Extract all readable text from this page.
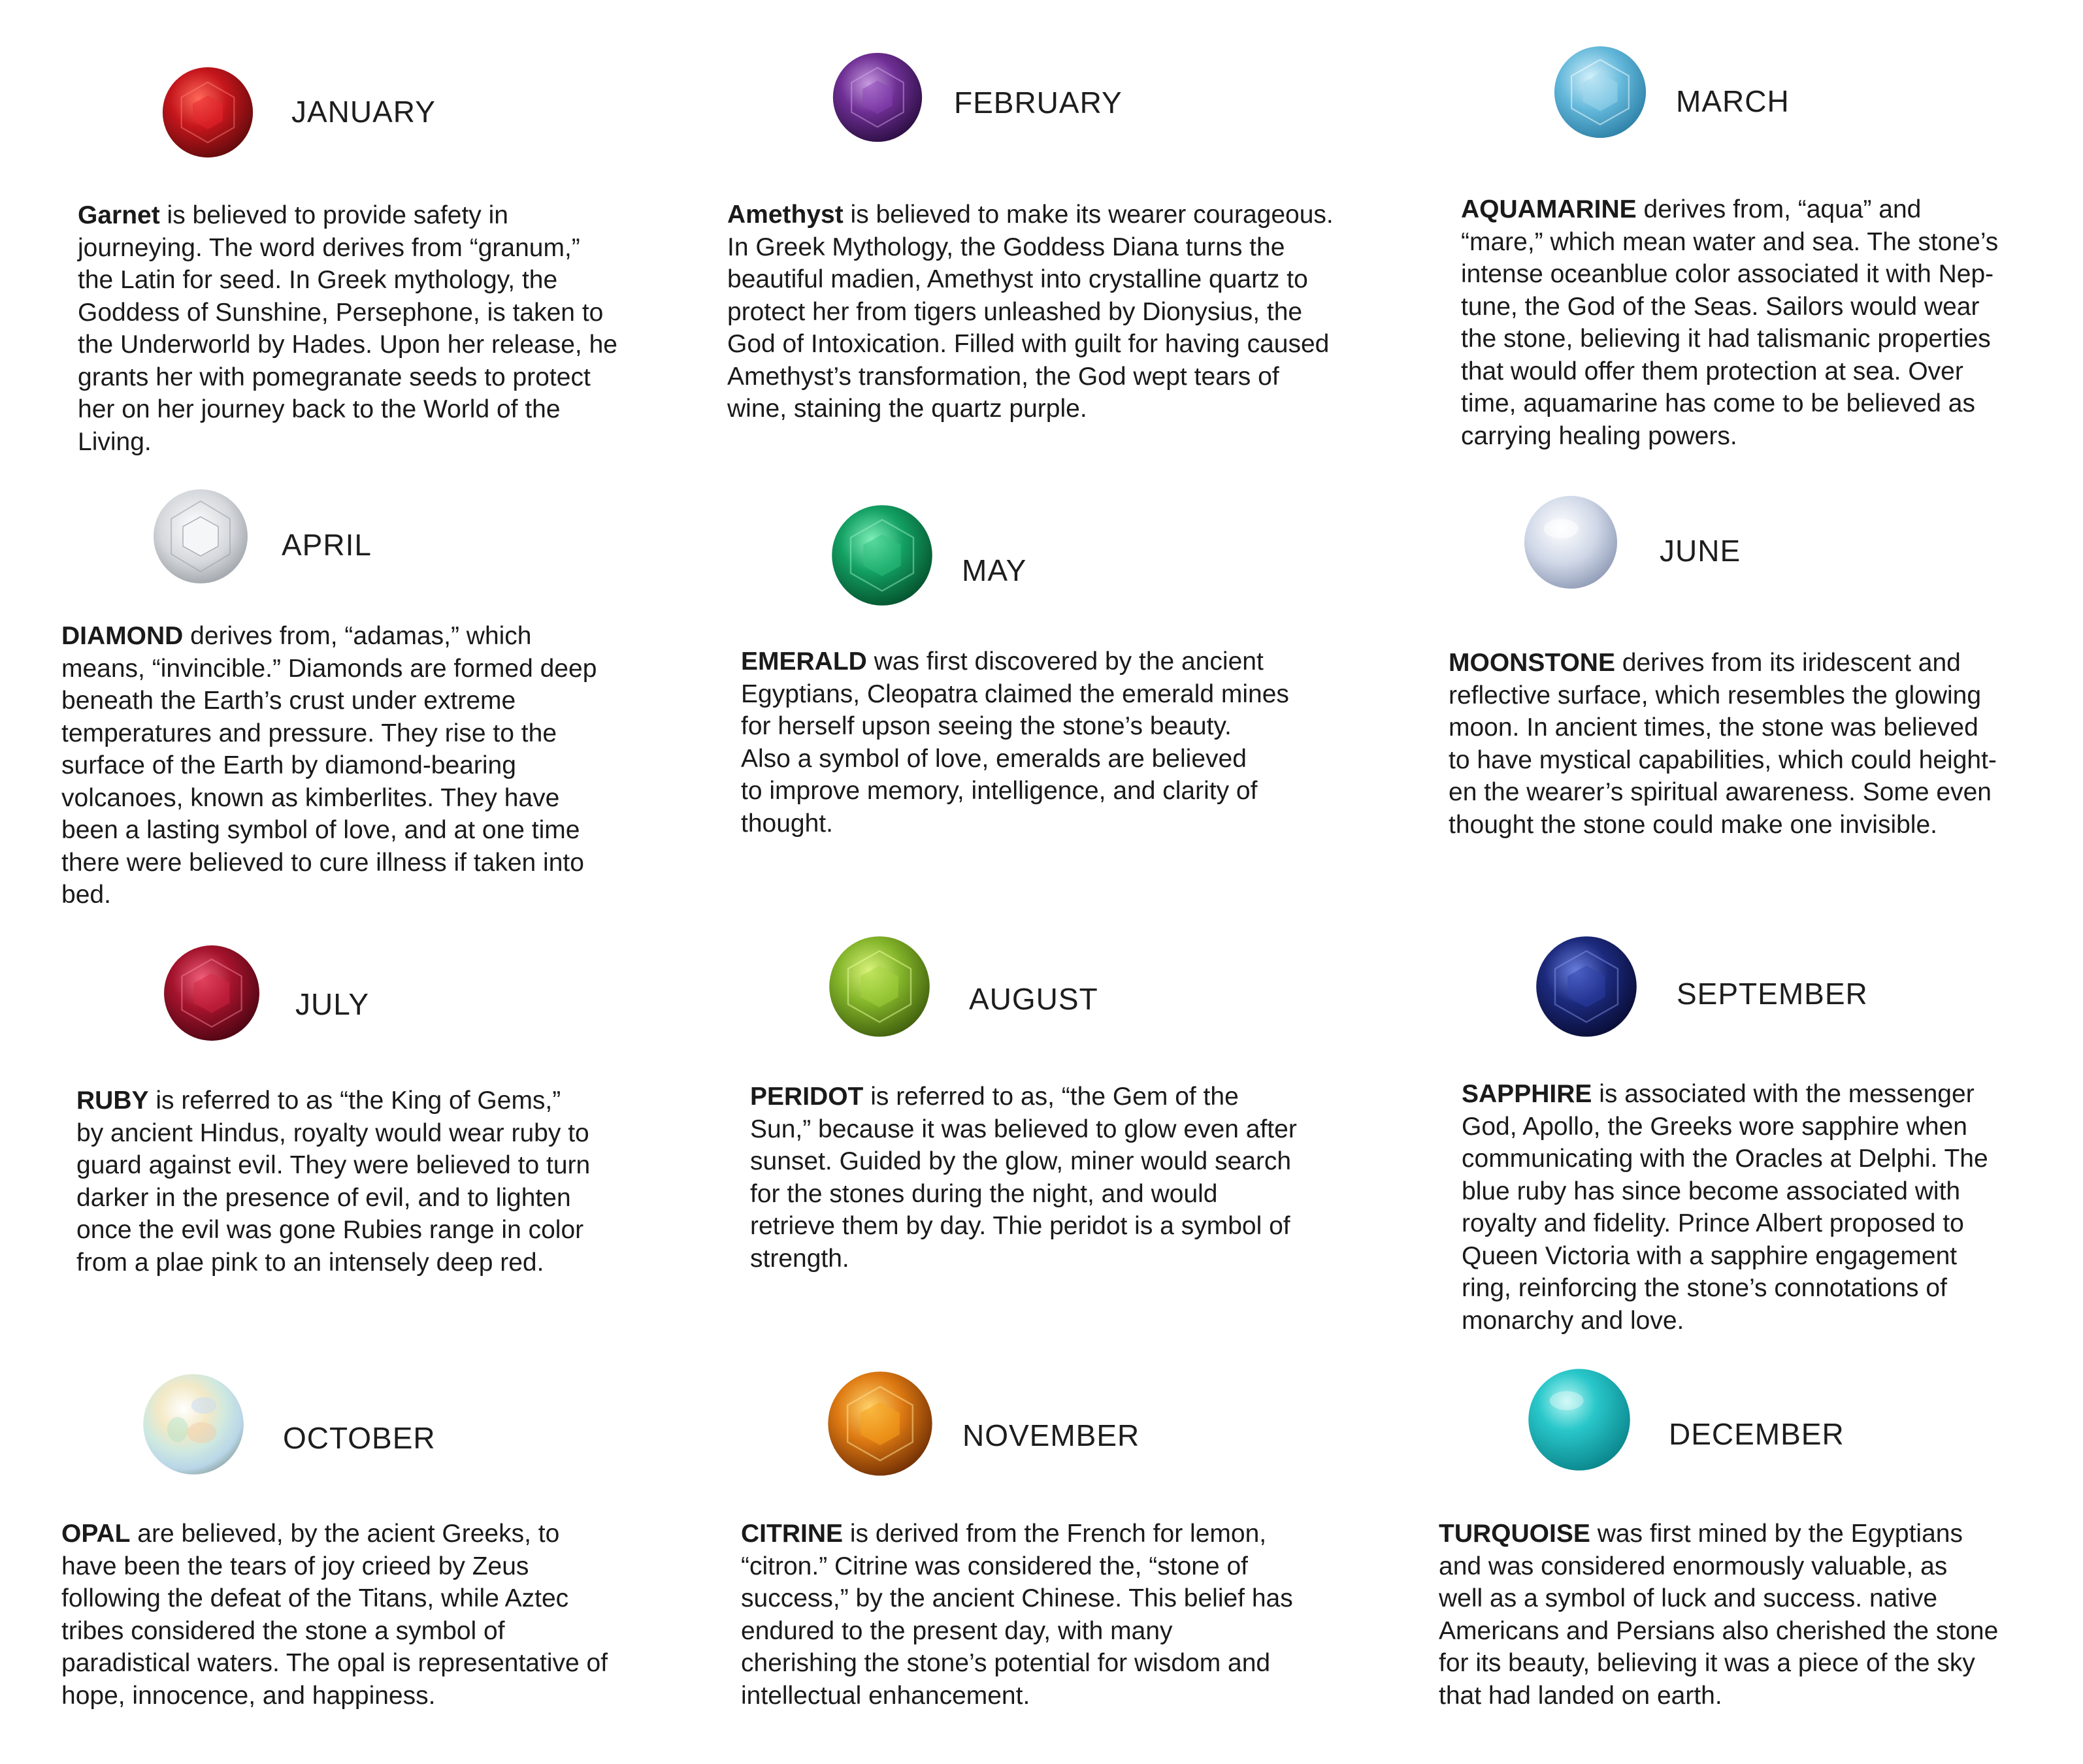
JANUARY
Garnet is believed to provide safety in
journeying. The word derives from “granum,”
the Latin for seed. In Greek mythology, the
Goddess of Sunshine, Persephone, is taken to
the Underworld by Hades. Upon her release, he
grants her with pomegranate seeds to protect
her on her journey back to the World of the
Living.
FEBRUARY
Amethyst is believed to make its wearer courageous.
In Greek Mythology, the Goddess Diana turns the
beautiful madien, Amethyst into crystalline quartz to
protect her from tigers unleashed by Dionysius, the
God of Intoxication. Filled with guilt for having caused
Amethyst’s transformation, the God wept tears of
wine, staining the quartz purple.
MARCH
AQUAMARINE derives from, “aqua” and
“mare,” which mean water and sea. The stone’s
intense oceanblue color associated it with Nep-
tune, the God of the Seas. Sailors would wear
the stone, believing it had talismanic properties
that would offer them protection at sea. Over
time, aquamarine has come to be believed as
carrying healing powers.
APRIL
DIAMOND derives from, “adamas,” which
means, “invincible.” Diamonds are formed deep
beneath the Earth’s crust under extreme
temperatures and pressure. They rise to the
surface of the Earth by diamond-bearing
volcanoes, known as kimberlites. They have
been a lasting symbol of love, and at one time
there were believed to cure illness if taken into
bed.
MAY
EMERALD was first discovered by the ancient
Egyptians, Cleopatra claimed the emerald mines
for herself upson seeing the stone’s beauty.
Also a symbol of love, emeralds are believed
to improve memory, intelligence, and clarity of
thought.
JUNE
MOONSTONE derives from its iridescent and
reflective surface, which resembles the glowing
moon. In ancient times, the stone was believed
to have mystical capabilities, which could height-
en the wearer’s spiritual awareness. Some even
thought the stone could make one invisible.
JULY
RUBY is referred to as “the King of Gems,”
by ancient Hindus, royalty would wear ruby to
guard against evil. They were believed to turn
darker in the presence of evil, and to lighten
once the evil was gone Rubies range in color
from a plae pink to an intensely deep red.
AUGUST
PERIDOT is referred to as, “the Gem of the
Sun,” because it was believed to glow even after
sunset. Guided by the glow, miner would search
for the stones during the night, and would
retrieve them by day. Thie peridot is a symbol of
strength.
SEPTEMBER
SAPPHIRE is associated with the messenger
God, Apollo, the Greeks wore sapphire when
communicating with the Oracles at Delphi. The
blue ruby has since become associated with
royalty and fidelity. Prince Albert proposed to
Queen Victoria with a sapphire engagement
ring, reinforcing the stone’s connotations of
monarchy and love.
OCTOBER
OPAL are believed, by the acient Greeks, to
have been the tears of joy crieed by Zeus
following the defeat of the Titans, while Aztec
tribes considered the stone a symbol of
paradistical waters. The opal is representative of
hope, innocence, and happiness.
NOVEMBER
CITRINE is derived from the French for lemon,
“citron.” Citrine was considered the, “stone of
success,” by the ancient Chinese. This belief has
endured to the present day, with many
cherishing the stone’s potential for wisdom and
intellectual enhancement.
DECEMBER
TURQUOISE was first mined by the Egyptians
and was considered enormously valuable, as
well as a symbol of luck and success. native
Americans and Persians also cherished the stone
for its beauty, believing it was a piece of the sky
that had landed on earth.
